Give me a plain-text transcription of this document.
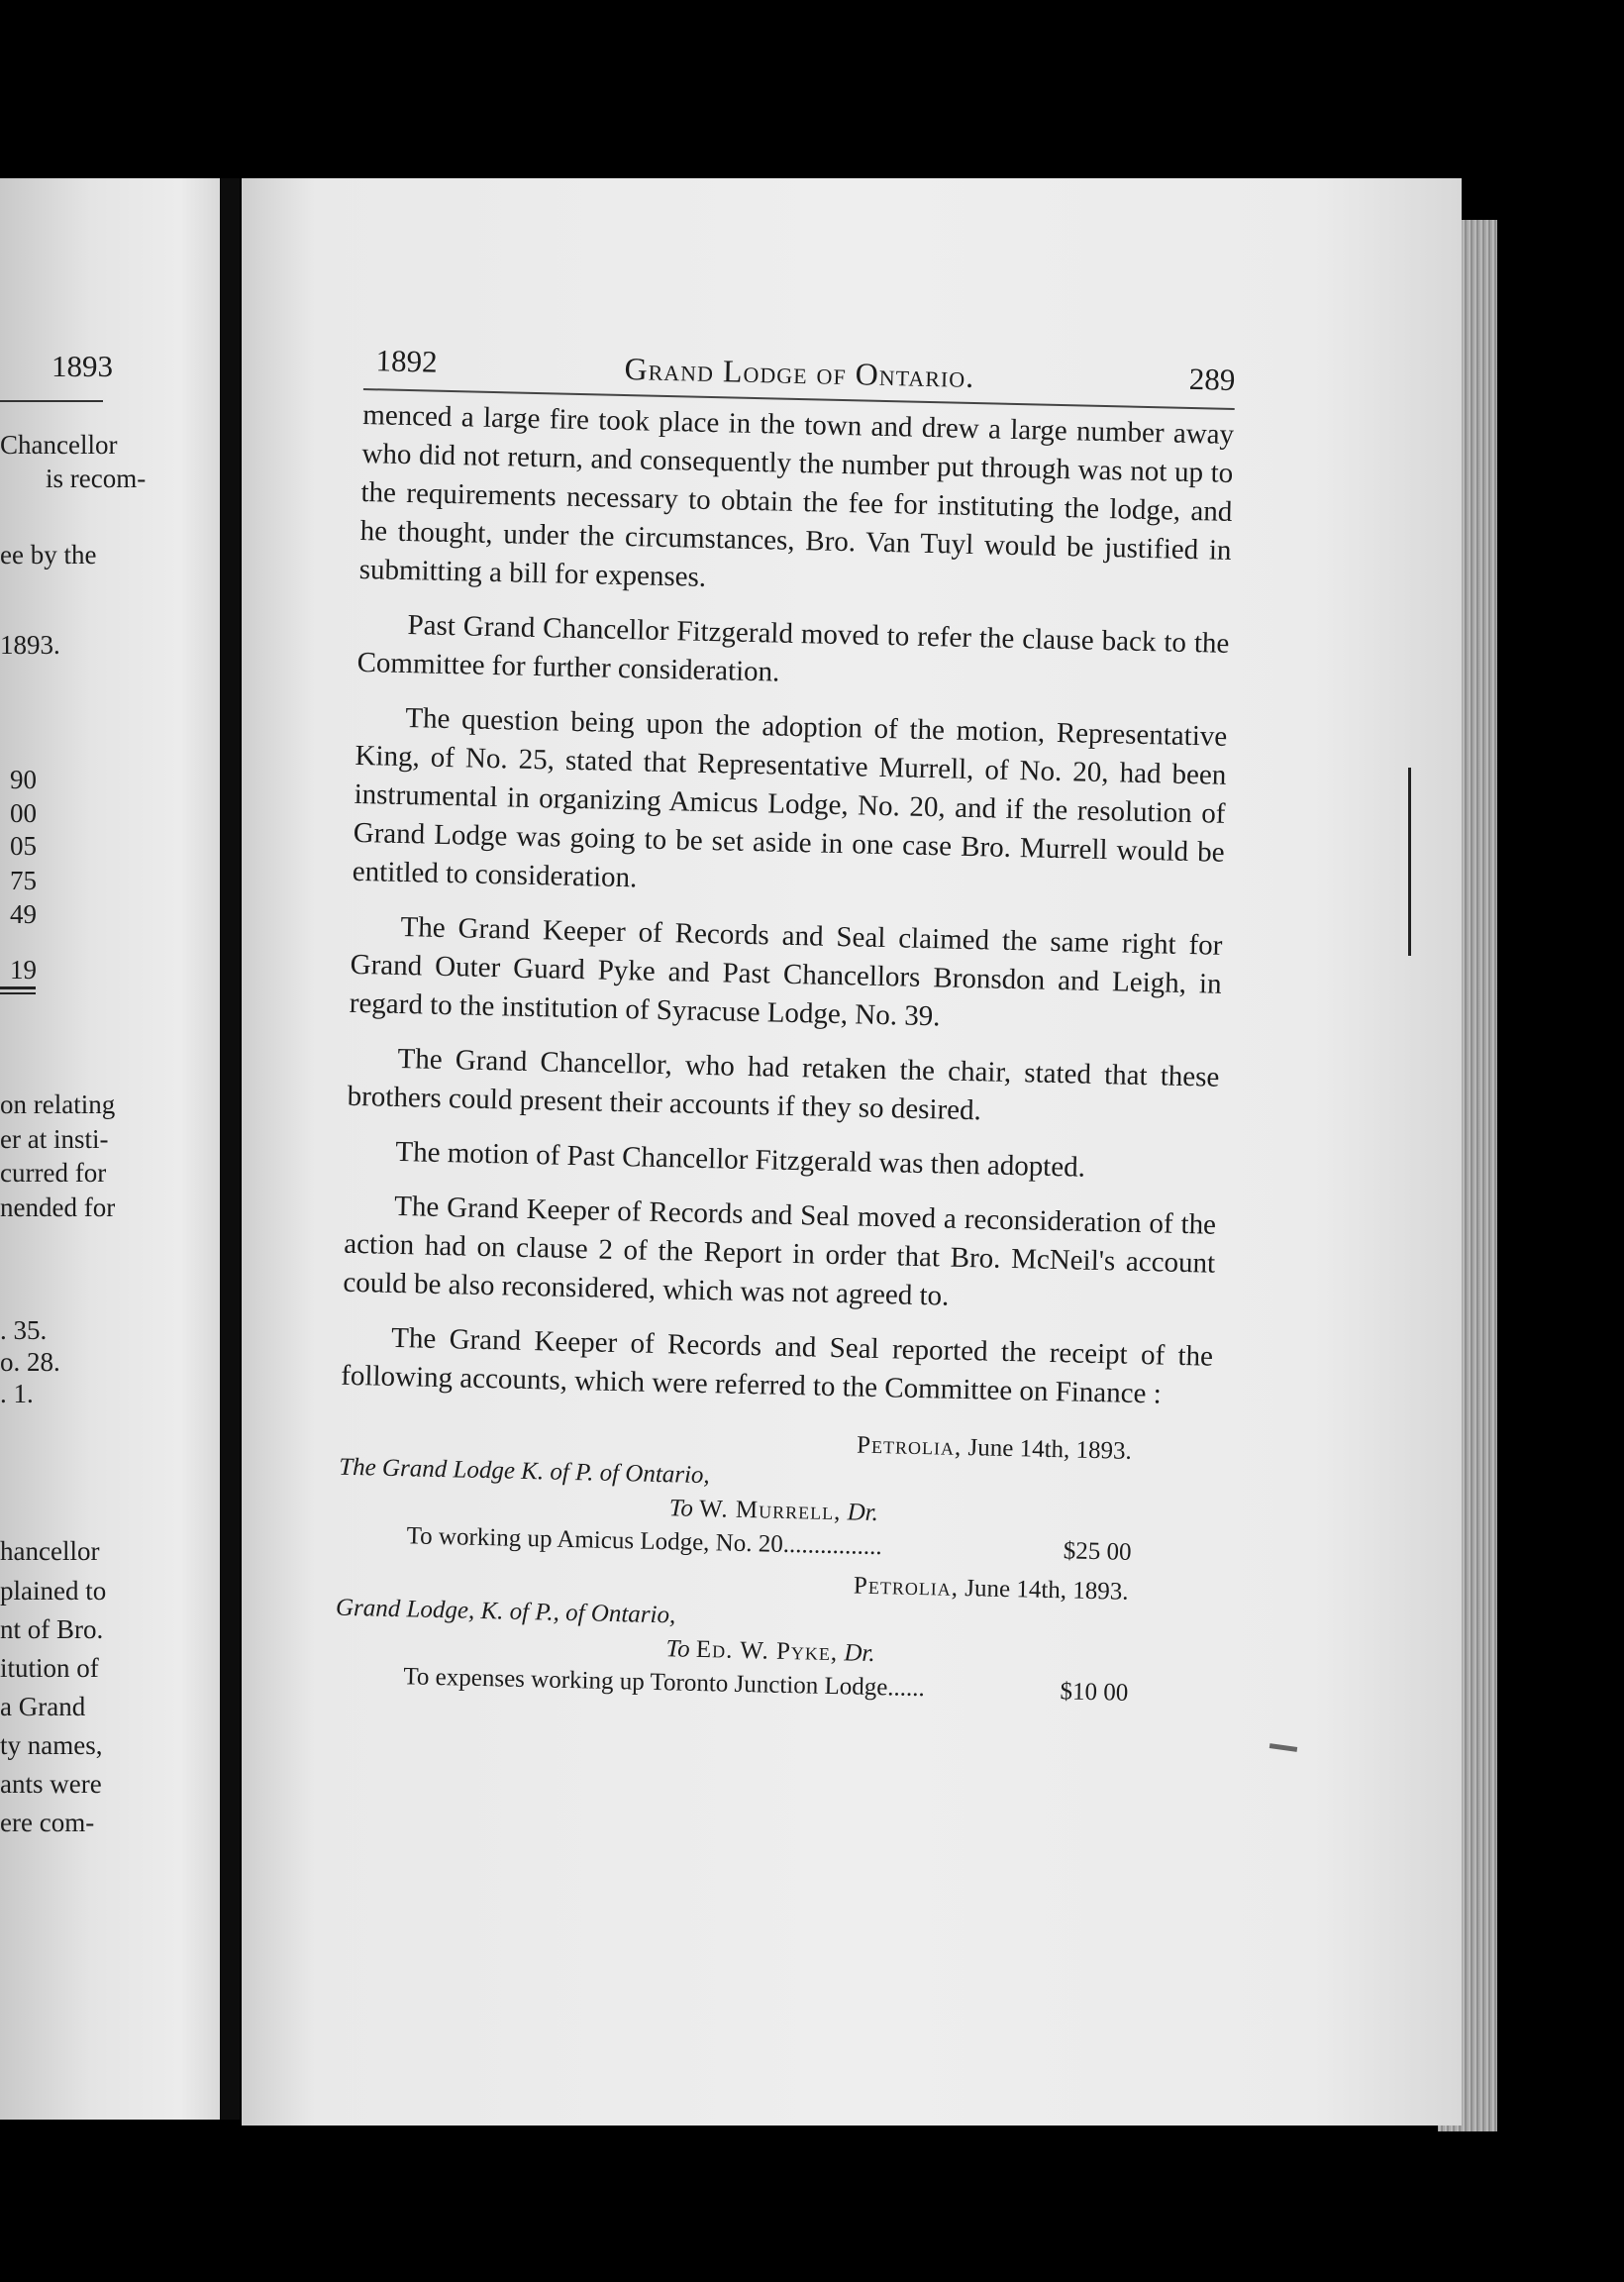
1893
Chancellor
is recom-
ee by the
1893.
90
00
05
75
49
19
on relating
er at insti-
curred for
nended for
. 35.
o. 28.
. 1.
hancellor
plained to
nt of Bro.
itution of
a Grand
ty names,
ants were
ere com-
1892	Grand Lodge of Ontario.	289

menced a large fire took place in the town and drew a large number away who did not return, and consequently the number put through was not up to the requirements necessary to obtain the fee for instituting the lodge, and he thought, under the circumstances, Bro. Van Tuyl would be justified in submitting a bill for expenses.

Past Grand Chancellor Fitzgerald moved to refer the clause back to the Committee for further consideration.

The question being upon the adoption of the motion, Representative King, of No. 25, stated that Representative Murrell, of No. 20, had been instrumental in organizing Amicus Lodge, No. 20, and if the resolution of Grand Lodge was going to be set aside in one case Bro. Murrell would be entitled to consideration.

The Grand Keeper of Records and Seal claimed the same right for Grand Outer Guard Pyke and Past Chancellors Bronsdon and Leigh, in regard to the institution of Syracuse Lodge, No. 39.

The Grand Chancellor, who had retaken the chair, stated that these brothers could present their accounts if they so desired.

The motion of Past Chancellor Fitzgerald was then adopted.

The Grand Keeper of Records and Seal moved a reconsideration of the action had on clause 2 of the Report in order that Bro. McNeil's account could be also reconsidered, which was not agreed to.

The Grand Keeper of Records and Seal reported the receipt of the following accounts, which were referred to the Committee on Finance :

Petrolia, June 14th, 1893.
The Grand Lodge K. of P. of Ontario,
To W. Murrell, Dr.
To working up Amicus Lodge, No. 20................	$25 00
Petrolia, June 14th, 1893.
Grand Lodge, K. of P., of Ontario,
To Ed. W. Pyke, Dr.
To expenses working up Toronto Junction Lodge......	$10 00
